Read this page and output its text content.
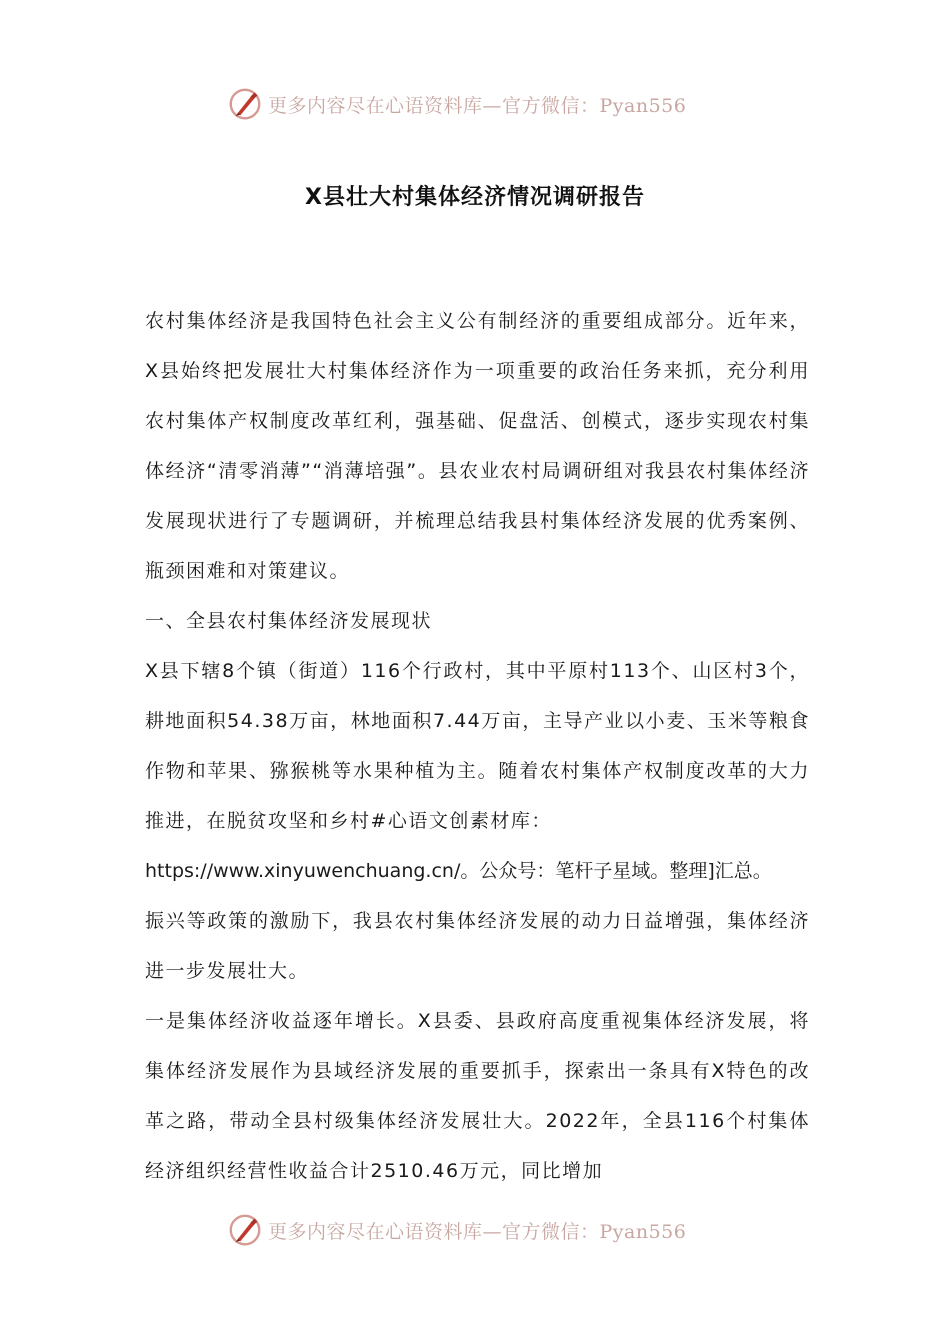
更多内容尽在心语资料库—官方微信：Pyan556
X县壮大村集体经济情况调研报告

农村集体经济是我国特色社会主义公有制经济的重要组成部分。近年来，X县始终把发展壮大村集体经济作为一项重要的政治任务来抓，充分利用农村集体产权制度改革红利，强基础、促盘活、创模式，逐步实现农村集体经济“清零消薄”“消薄培强”。县农业农村局调研组对我县农村集体经济发展现状进行了专题调研，并梳理总结我县村集体经济发展的优秀案例、瓶颈困难和对策建议。

一、全县农村集体经济发展现状

X县下辖8个镇（街道）116个行政村，其中平原村113个、山区村3个，耕地面积54.38万亩，林地面积7.44万亩，主导产业以小麦、玉米等粮食作物和苹果、猕猴桃等水果种植为主。随着农村集体产权制度改革的大力推进，在脱贫攻坚和乡村#心语文创素材库：

https://www.xinyuwenchuang.cn/。公众号：笔杆子星域。整理]汇总。

振兴等政策的激励下，我县农村集体经济发展的动力日益增强，集体经济进一步发展壮大。

一是集体经济收益逐年增长。X县委、县政府高度重视集体经济发展，将集体经济发展作为县域经济发展的重要抓手，探索出一条具有X特色的改革之路，带动全县村级集体经济发展壮大。2022年，全县116个村集体经济组织经营性收益合计2510.46万元，同比增加

更多内容尽在心语资料库—官方微信：Pyan556
